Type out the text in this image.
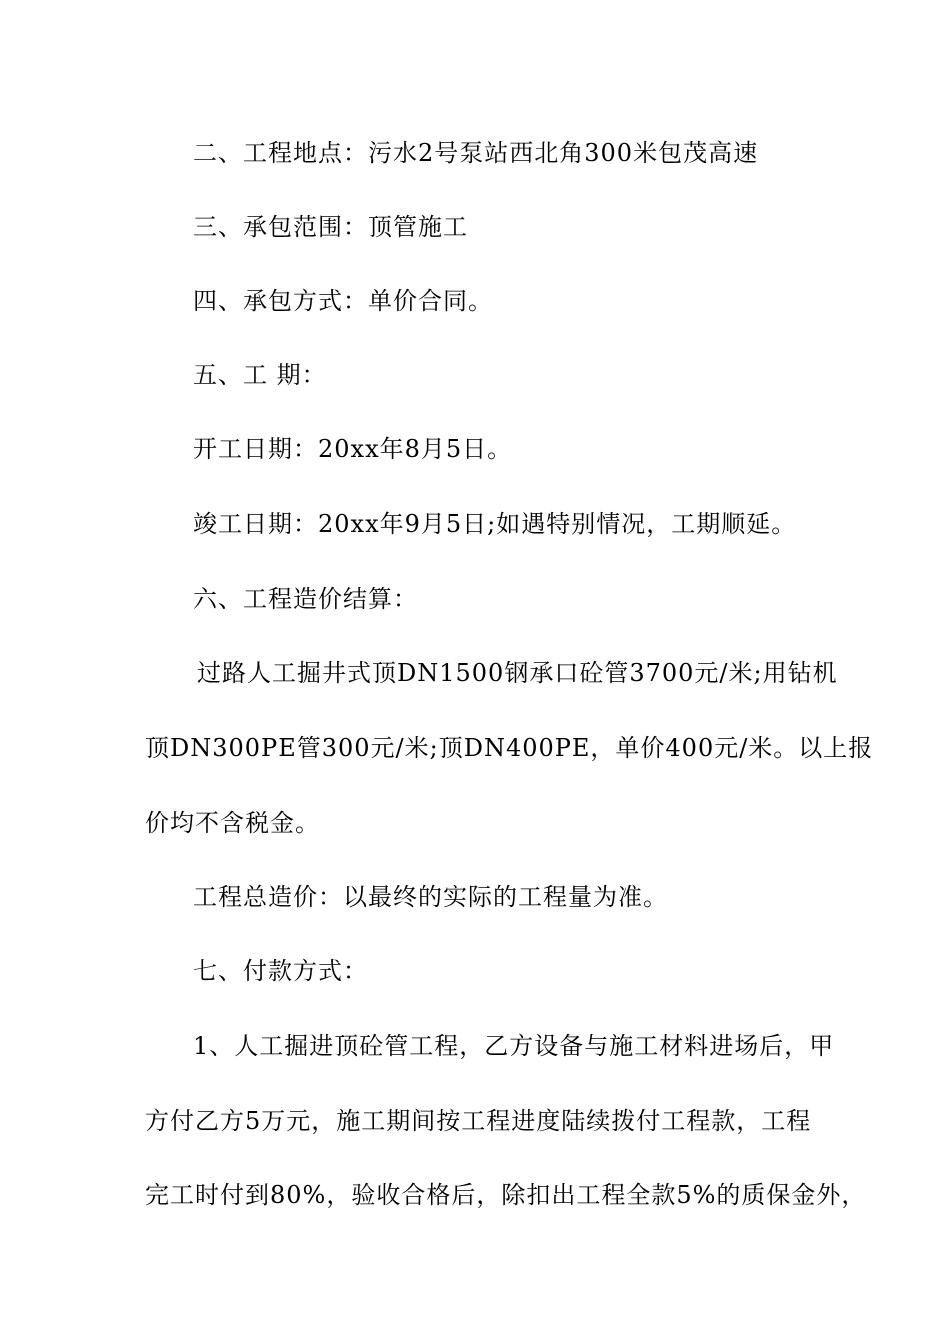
二、工程地点：污水2号泵站西北角300米包茂高速
三、承包范围：顶管施工
四、承包方式：单价合同。
五、工 期：
开工日期：20xx年8月5日。
竣工日期：20xx年9月5日;如遇特别情况，工期顺延。
六、工程造价结算：
过路人工掘井式顶DN1500钢承口砼管3700元/米;用钻机
顶DN300PE管300元/米;顶DN400PE，单价400元/米。以上报
价均不含税金。
工程总造价：以最终的实际的工程量为准。
七、付款方式：
1、人工掘进顶砼管工程，乙方设备与施工材料进场后，甲
方付乙方5万元，施工期间按工程进度陆续拨付工程款，工程
完工时付到80%，验收合格后，除扣出工程全款5%的质保金外，
